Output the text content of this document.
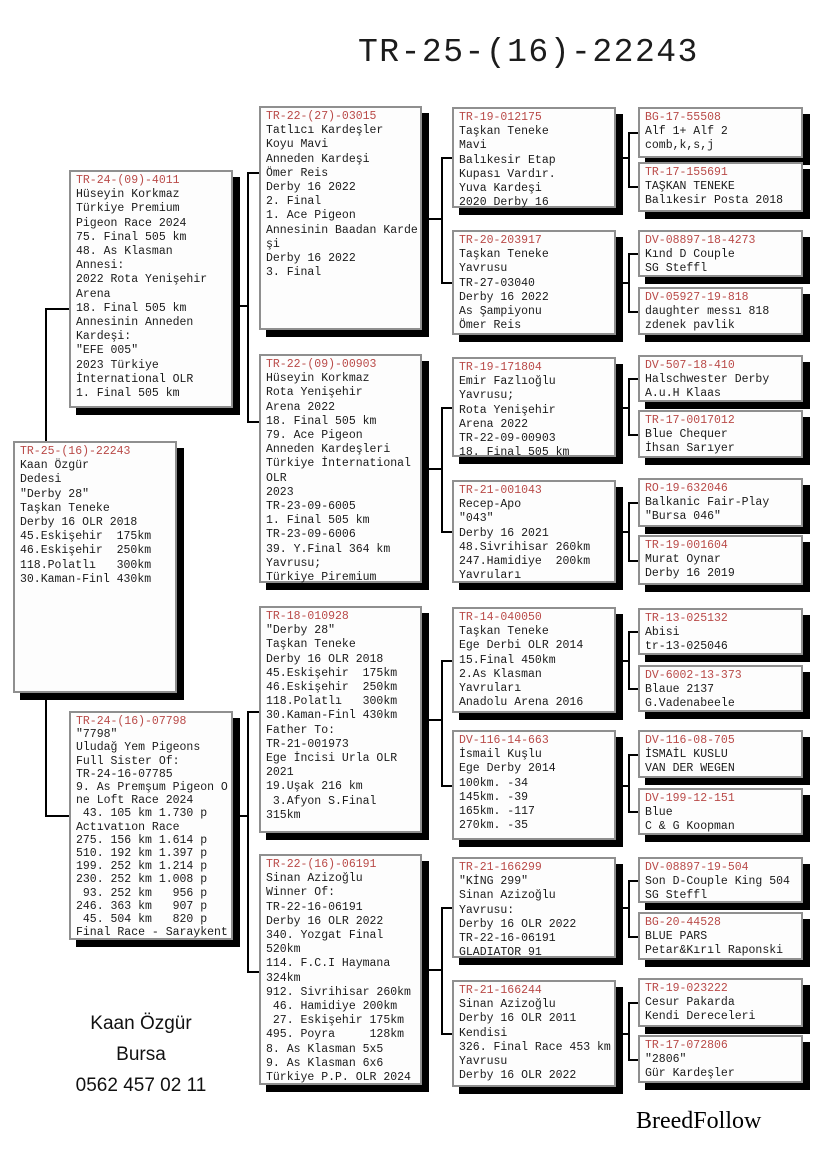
TR-25-(16)-22243
TR-25-(16)-22243
Kaan Özgür
Dedesi
"Derby 28"
Taşkan Teneke
Derby 16 OLR 2018
45.Eskişehir  175km
46.Eskişehir  250km
118.Polatlı   300km
30.Kaman-Finl 430km
TR-24-(09)-4011
Hüseyin Korkmaz
Türkiye Premium
Pigeon Race 2024
75. Final 505 km
48. As Klasman
Annesi:
2022 Rota Yenişehir
Arena
18. Final 505 km
Annesinin Anneden
Kardeşi:
"EFE 005"
2023 Türkiye
İnternational OLR
1. Final 505 km
TR-24-(16)-07798
"7798"
Uludağ Yem Pigeons
Full Sister Of:
TR-24-16-07785
9. As Premşum Pigeon O
ne Loft Race 2024
43. 105 km 1.730 p
Actıvatıon Race
275. 156 km 1.614 p
510. 192 km 1.397 p
199. 252 km 1.214 p
230. 252 km 1.008 p
93. 252 km   956 p
246. 363 km   907 p
45. 504 km   820 p
Final Race - Saraykent
TR-22-(27)-03015
Tatlıcı Kardeşler
Koyu Mavi
Anneden Kardeşi
Ömer Reis
Derby 16 2022
2. Final
1. Ace Pigeon
Annesinin Baadan Karde
şi
Derby 16 2022
3. Final
TR-22-(09)-00903
Hüseyin Korkmaz
Rota Yenişehir
Arena 2022
18. Final 505 km
79. Ace Pigeon
Anneden Kardeşleri
Türkiye İnternational
OLR
2023
TR-23-09-6005
1. Final 505 km
TR-23-09-6006
39. Y.Final 364 km
Yavrusu;
Türkiye Piremium
TR-18-010928
"Derby 28"
Taşkan Teneke
Derby 16 OLR 2018
45.Eskişehir  175km
46.Eskişehir  250km
118.Polatlı   300km
30.Kaman-Finl 430km
Father To:
TR-21-001973
Ege İncisi Urla OLR
2021
19.Uşak 216 km
3.Afyon S.Final
315km
TR-22-(16)-06191
Sinan Azizoğlu
Winner Of:
TR-22-16-06191
Derby 16 OLR 2022
340. Yozgat Final
520km
114. F.C.I Haymana
324km
912. Sivrihisar 260km
46. Hamidiye 200km
27. Eskişehir 175km
495. Poyra     128km
8. As Klasman 5x5
9. As Klasman 6x6
Türkiye P.P. OLR 2024
TR-19-012175
Taşkan Teneke
Mavi
Balıkesir Etap
Kupası Vardır.
Yuva Kardeşi
2020 Derby 16
TR-20-203917
Taşkan Teneke
Yavrusu
TR-27-03040
Derby 16 2022
As Şampiyonu
Ömer Reis
TR-19-171804
Emir Fazlıoğlu
Yavrusu;
Rota Yenişehir
Arena 2022
TR-22-09-00903
18. Final 505 km
TR-21-001043
Recep-Apo
"043"
Derby 16 2021
48.Sivrihisar 260km
247.Hamidiye  200km
Yavruları
TR-14-040050
Taşkan Teneke
Ege Derbi OLR 2014
15.Final 450km
2.As Klasman
Yavruları
Anadolu Arena 2016
DV-116-14-663
İsmail Kuşlu
Ege Derby 2014
100km. -34
145km. -39
165km. -117
270km. -35
TR-21-166299
"KİNG 299"
Sinan Azizoğlu
Yavrusu:
Derby 16 OLR 2022
TR-22-16-06191
GLADIATOR 91
TR-21-166244
Sinan Azizoğlu
Derby 16 OLR 2011
Kendisi
326. Final Race 453 km
Yavrusu
Derby 16 OLR 2022
BG-17-55508
Alf 1+ Alf 2
comb,k,s,j
TR-17-155691
TAŞKAN TENEKE
Balıkesir Posta 2018
DV-08897-18-4273
Kınd D Couple
SG Steffl
DV-05927-19-818
daughter messı 818
zdenek pavlik
DV-507-18-410
Halschwester Derby
A.u.H Klaas
TR-17-0017012
Blue Chequer
İhsan Sarıyer
RO-19-632046
Balkanic Fair-Play
"Bursa 046"
TR-19-001604
Murat Oynar
Derby 16 2019
TR-13-025132
Abisi
tr-13-025046
DV-6002-13-373
Blaue 2137
G.Vadenabeele
DV-116-08-705
İSMAİL KUSLU
VAN DER WEGEN
DV-199-12-151
Blue
C & G Koopman
DV-08897-19-504
Son D-Couple King 504
SG Steffl
BG-20-44528
BLUE PARS
Petar&Kırıl Raponski
TR-19-023222
Cesur Pakarda
Kendi Dereceleri
TR-17-072806
"2806"
Gür Kardeşler
Kaan Özgür
Bursa
0562 457 02 11
BreedFollow
